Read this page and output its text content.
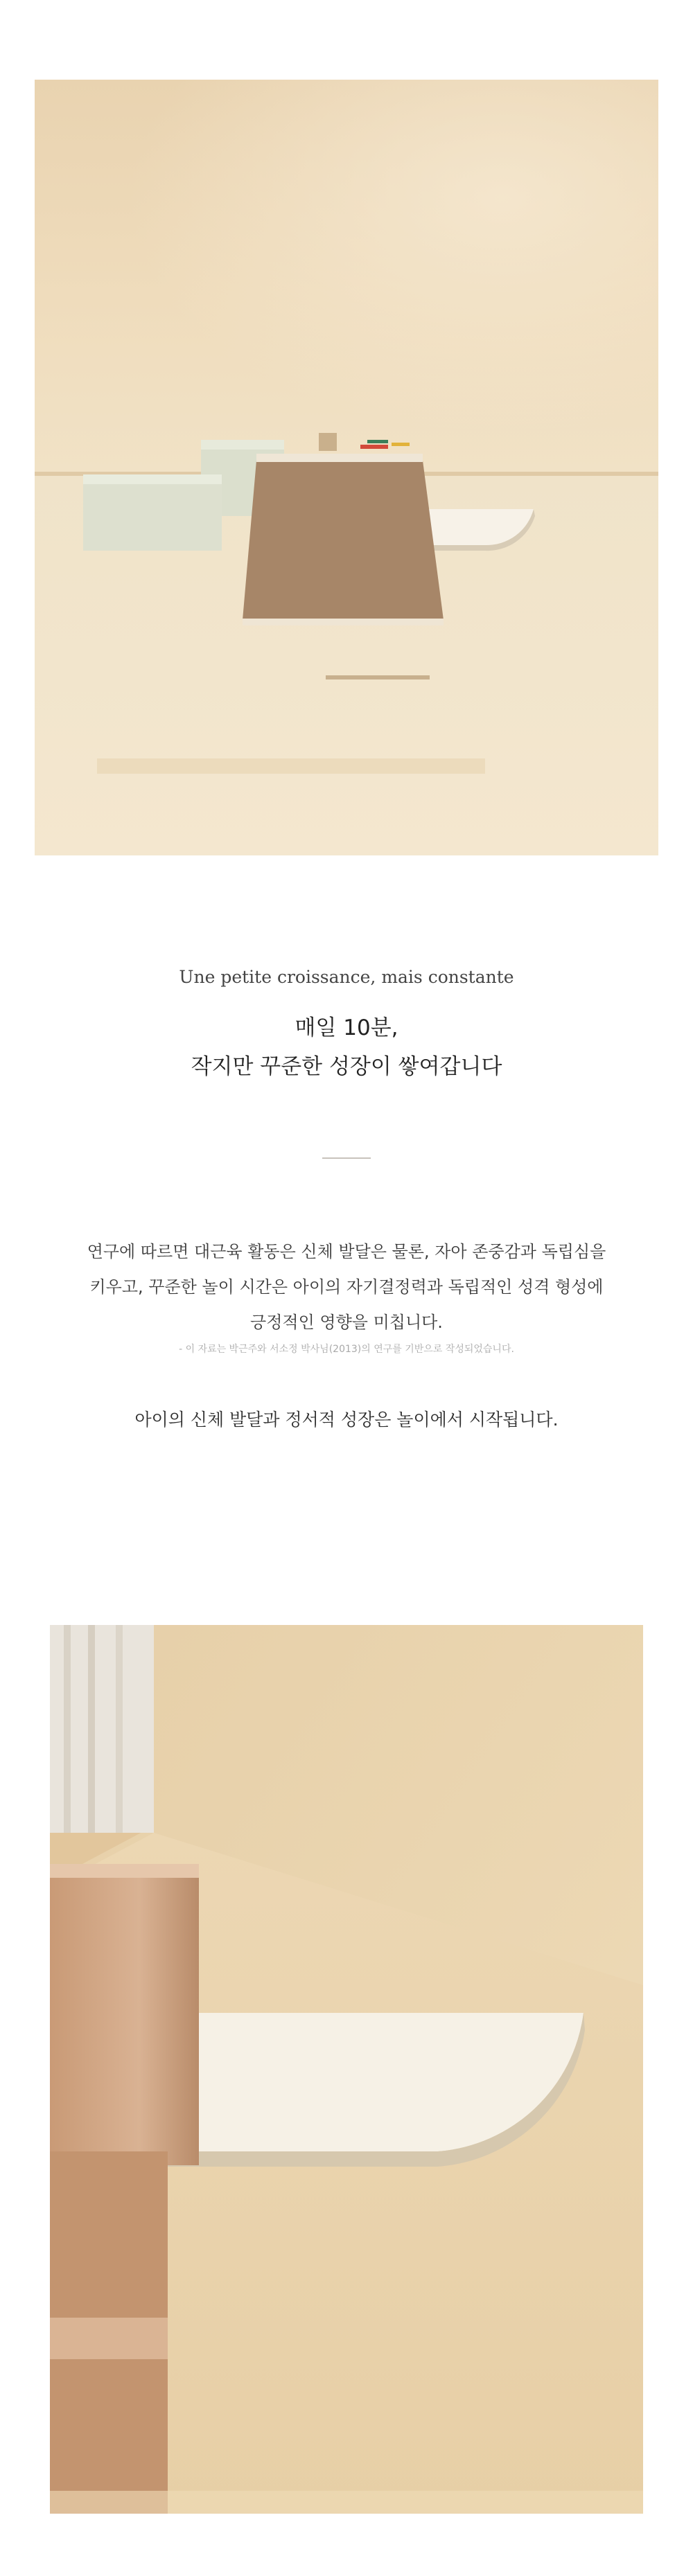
Une petite croissance, mais constante
매일 10분,
작지만 꾸준한 성장이 쌓여갑니다
연구에 따르면 대근육 활동은 신체 발달은 물론, 자아 존중감과 독립심을
키우고, 꾸준한 놀이 시간은 아이의 자기결정력과 독립적인 성격 형성에
긍정적인 영향을 미칩니다.
- 이 자료는 박근주와 서소정 박사님(2013)의 연구를 기반으로 작성되었습니다.
아이의 신체 발달과 정서적 성장은 놀이에서 시작됩니다.
